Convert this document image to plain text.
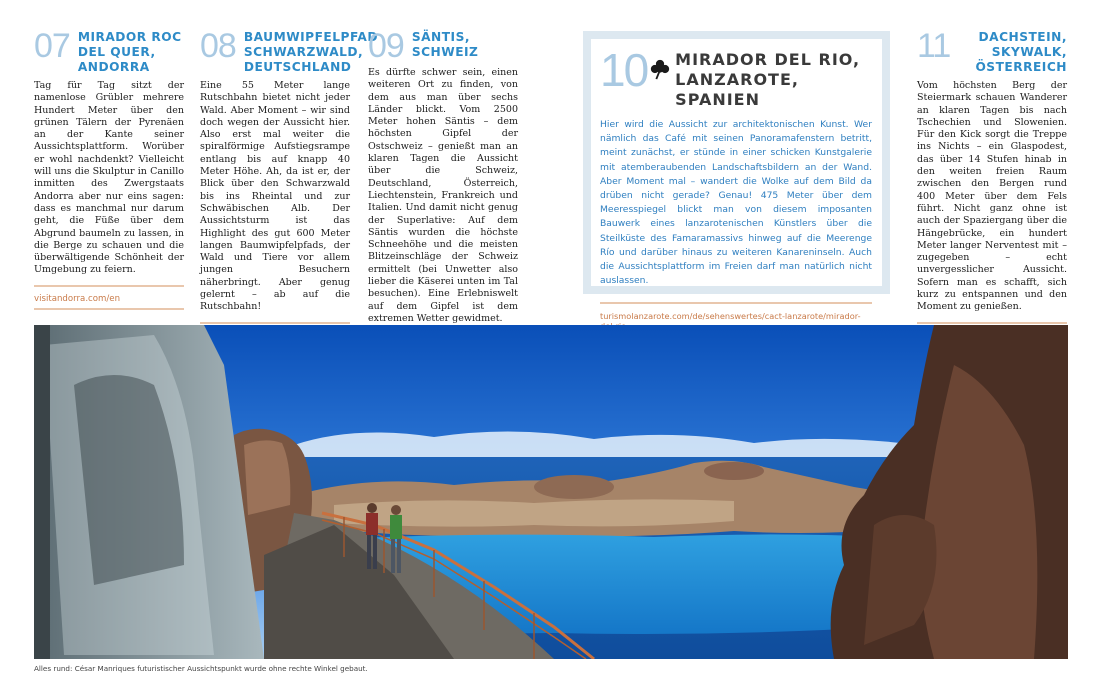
07 MIRADOR ROC DEL QUER, ANDORRA
Tag für Tag sitzt der namenlose Grübler mehrere Hundert Meter über den grünen Tälern der Pyrenäen an der Kante seiner Aussichtsplattform. Worüber er wohl nachdenkt? Vielleicht will uns die Skulptur in Canillo inmitten des Zwergstaats Andorra aber nur eins sagen: dass es manchmal nur darum geht, die Füße über dem Abgrund baumeln zu lassen, in die Berge zu schauen und die überwältigende Schönheit der Umgebung zu feiern.
visitandorra.com/en
08 BAUMWIPFELPFAD SCHWARZWALD, DEUTSCHLAND
Eine 55 Meter lange Rutschbahn bietet nicht jeder Wald. Aber Moment – wir sind doch wegen der Aussicht hier. Also erst mal weiter die spiralförmige Aufstiegsrampe entlang bis auf knapp 40 Meter Höhe. Ah, da ist er, der Blick über den Schwarzwald bis ins Rheintal und zur Schwäbischen Alb. Der Aussichtsturm ist das Highlight des gut 600 Meter langen Baumwipfelpfads, der Wald und Tiere vor allem jungen Besuchern näherbringt. Aber genug gelernt – ab auf die Rutschbahn!
09 SÄNTIS, SCHWEIZ
Es dürfte schwer sein, einen weiteren Ort zu finden, von dem aus man über sechs Länder blickt. Vom 2500 Meter hohen Säntis – dem höchsten Gipfel der Ostschweiz – genießt man an klaren Tagen die Aussicht über die Schweiz, Deutschland, Österreich, Liechtenstein, Frankreich und Italien. Und damit nicht genug der Superlative: Auf dem Säntis wurden die höchste Schneehöhe und die meisten Blitzeinschläge der Schweiz ermittelt (bei Unwetter also lieber die Käserei unten im Tal besuchen). Eine Erlebniswelt auf dem Gipfel ist dem extremen Wetter gewidmet.
10 MIRADOR DEL RIO, LANZAROTE, SPANIEN
Hier wird die Aussicht zur architektonischen Kunst. Wer nämlich das Café mit seinen Panoramafenstern betritt, meint zunächst, er stünde in einer schicken Kunstgalerie mit atemberaubenden Landschaftsbildern an der Wand. Aber Moment mal – wandert die Wolke auf dem Bild da drüben nicht gerade? Genau! 475 Meter über dem Meeresspiegel blickt man von diesem imposanten Bauwerk eines lanzarotenischen Künstlers über die Steilküste des Famaramassivs hinweg auf die Meerenge Río und darüber hinaus zu weiteren Kanareninseln. Auch die Aussichtsplattform im Freien darf man natürlich nicht auslassen.
turismolanzarote.com/de/sehenswertes/cact-lanzarote/mirador-
11	DACHSTEIN, SKYWALK, ÖSTERREICH
Vom höchsten Berg der Steiermark schauen Wanderer an klaren Tagen bis nach Tschechien und Slowenien. Für den Kick sorgt die Treppe ins Nichts – ein Glaspodest, das über 14 Stufen hinab in den weiten freien Raum zwischen den Bergen rund 400 Meter über dem Fels führt. Nicht ganz ohne ist auch der Spaziergang über die Hängebrücke, ein hundert Meter langer Nerventest mit – zugegeben – echt unvergesslicher Aussicht. Sofern man es schafft, sich kurz zu entspannen und den Moment zu genießen.
Alles rund: César Manriques futuristischer Aussichtspunkt wurde ohne rechte Winkel gebaut.
